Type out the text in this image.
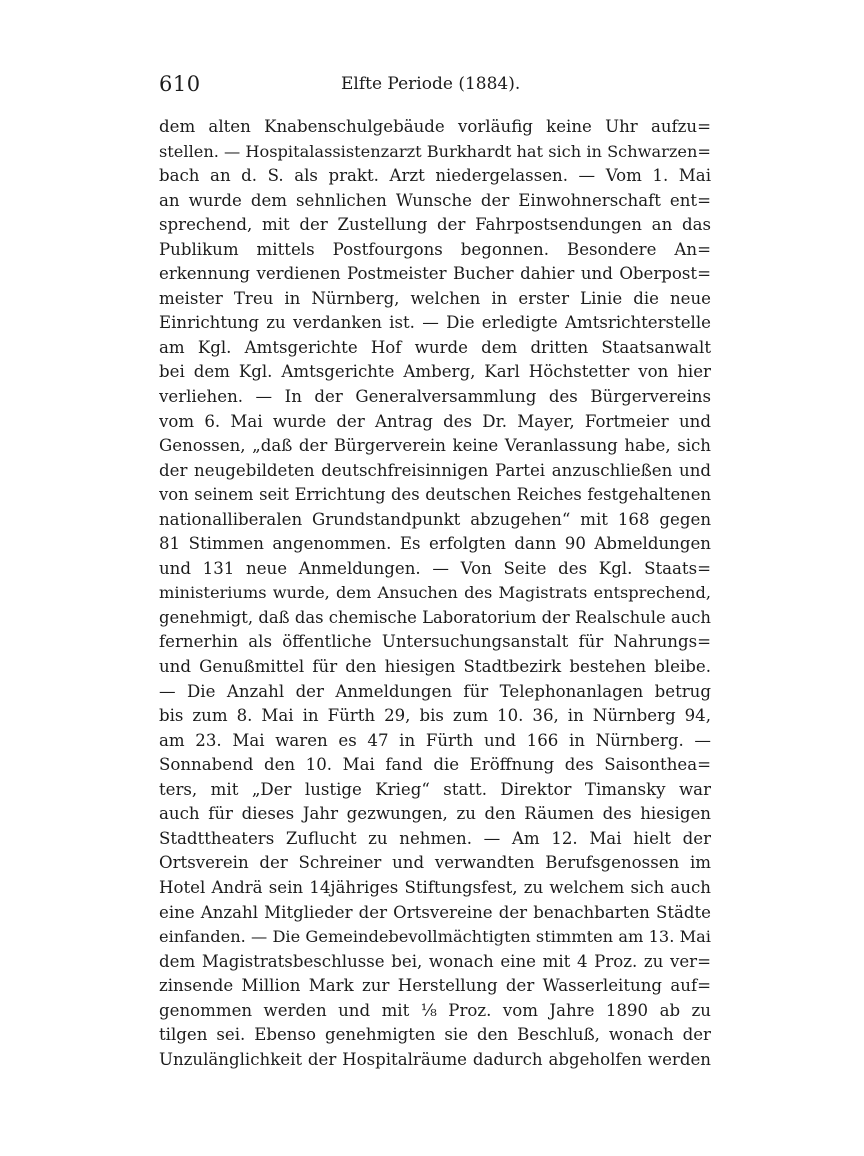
610	Elfte Periode (1884).
dem alten Knabenschulgebäude vorläufig keine Uhr aufzu=
stellen. — Hospitalassistenzarzt Burkhardt hat sich in Schwarzen=
bach an d. S. als prakt. Arzt niedergelassen. — Vom 1. Mai
an wurde dem sehnlichen Wunsche der Einwohnerschaft ent=
sprechend, mit der Zustellung der Fahrpostsendungen an das
Publikum mittels Postfourgons begonnen. Besondere An=
erkennung verdienen Postmeister Bucher dahier und Oberpost=
meister Treu in Nürnberg, welchen in erster Linie die neue
Einrichtung zu verdanken ist. — Die erledigte Amtsrichterstelle
am Kgl. Amtsgerichte Hof wurde dem dritten Staatsanwalt
bei dem Kgl. Amtsgerichte Amberg, Karl Höchstetter von hier
verliehen. — In der Generalversammlung des Bürgervereins
vom 6. Mai wurde der Antrag des Dr. Mayer, Fortmeier und
Genossen, „daß der Bürgerverein keine Veranlassung habe, sich
der neugebildeten deutschfreisinnigen Partei anzuschließen und
von seinem seit Errichtung des deutschen Reiches festgehaltenen
nationalliberalen Grundstandpunkt abzugehen“ mit 168 gegen
81 Stimmen angenommen. Es erfolgten dann 90 Abmeldungen
und 131 neue Anmeldungen. — Von Seite des Kgl. Staats=
ministeriums wurde, dem Ansuchen des Magistrats entsprechend,
genehmigt, daß das chemische Laboratorium der Realschule auch
fernerhin als öffentliche Untersuchungsanstalt für Nahrungs=
und Genußmittel für den hiesigen Stadtbezirk bestehen bleibe.
— Die Anzahl der Anmeldungen für Telephonanlagen betrug
bis zum 8. Mai in Fürth 29, bis zum 10. 36, in Nürnberg 94,
am 23. Mai waren es 47 in Fürth und 166 in Nürnberg. —
Sonnabend den 10. Mai fand die Eröffnung des Saisonthea=
ters, mit „Der lustige Krieg“ statt. Direktor Timansky war
auch für dieses Jahr gezwungen, zu den Räumen des hiesigen
Stadttheaters Zuflucht zu nehmen. — Am 12. Mai hielt der
Ortsverein der Schreiner und verwandten Berufsgenossen im
Hotel Andrä sein 14jähriges Stiftungsfest, zu welchem sich auch
eine Anzahl Mitglieder der Ortsvereine der benachbarten Städte
einfanden. — Die Gemeindebevollmächtigten stimmten am 13. Mai
dem Magistratsbeschlusse bei, wonach eine mit 4 Proz. zu ver=
zinsende Million Mark zur Herstellung der Wasserleitung auf=
genommen werden und mit ⅛ Proz. vom Jahre 1890 ab zu
tilgen sei. Ebenso genehmigten sie den Beschluß, wonach der
Unzulänglichkeit der Hospitalräume dadurch abgeholfen werden
